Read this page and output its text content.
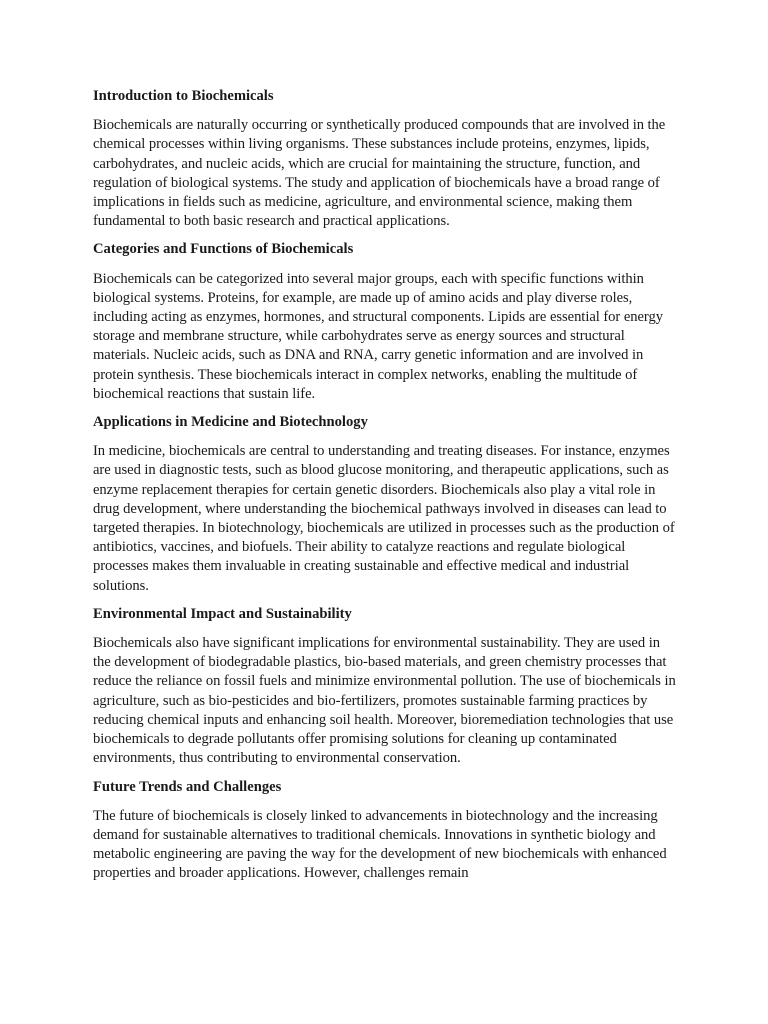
Introduction to Biochemicals
Biochemicals are naturally occurring or synthetically produced compounds that are involved in the chemical processes within living organisms. These substances include proteins, enzymes, lipids, carbohydrates, and nucleic acids, which are crucial for maintaining the structure, function, and regulation of biological systems. The study and application of biochemicals have a broad range of implications in fields such as medicine, agriculture, and environmental science, making them fundamental to both basic research and practical applications.
Categories and Functions of Biochemicals
Biochemicals can be categorized into several major groups, each with specific functions within biological systems. Proteins, for example, are made up of amino acids and play diverse roles, including acting as enzymes, hormones, and structural components. Lipids are essential for energy storage and membrane structure, while carbohydrates serve as energy sources and structural materials. Nucleic acids, such as DNA and RNA, carry genetic information and are involved in protein synthesis. These biochemicals interact in complex networks, enabling the multitude of biochemical reactions that sustain life.
Applications in Medicine and Biotechnology
In medicine, biochemicals are central to understanding and treating diseases. For instance, enzymes are used in diagnostic tests, such as blood glucose monitoring, and therapeutic applications, such as enzyme replacement therapies for certain genetic disorders. Biochemicals also play a vital role in drug development, where understanding the biochemical pathways involved in diseases can lead to targeted therapies. In biotechnology, biochemicals are utilized in processes such as the production of antibiotics, vaccines, and biofuels. Their ability to catalyze reactions and regulate biological processes makes them invaluable in creating sustainable and effective medical and industrial solutions.
Environmental Impact and Sustainability
Biochemicals also have significant implications for environmental sustainability. They are used in the development of biodegradable plastics, bio-based materials, and green chemistry processes that reduce the reliance on fossil fuels and minimize environmental pollution. The use of biochemicals in agriculture, such as bio-pesticides and bio-fertilizers, promotes sustainable farming practices by reducing chemical inputs and enhancing soil health. Moreover, bioremediation technologies that use biochemicals to degrade pollutants offer promising solutions for cleaning up contaminated environments, thus contributing to environmental conservation.
Future Trends and Challenges
The future of biochemicals is closely linked to advancements in biotechnology and the increasing demand for sustainable alternatives to traditional chemicals. Innovations in synthetic biology and metabolic engineering are paving the way for the development of new biochemicals with enhanced properties and broader applications. However, challenges remain
